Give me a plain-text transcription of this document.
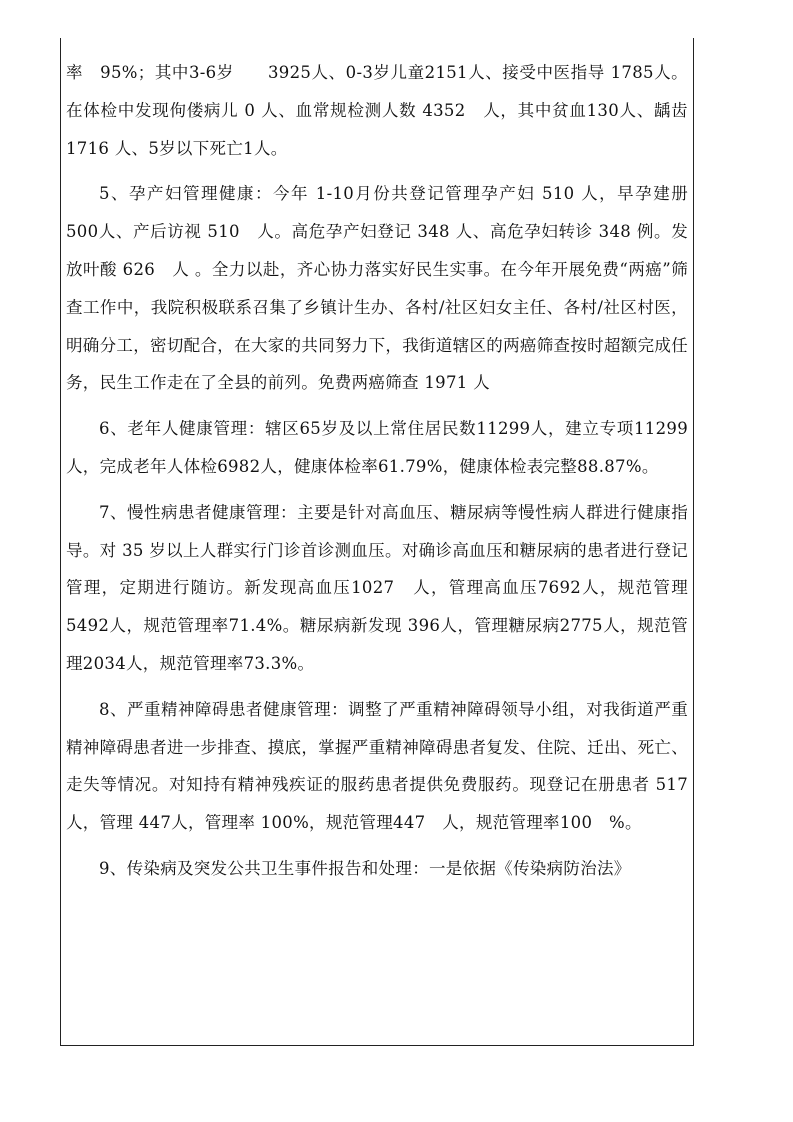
率　95%；其中3-6岁　　3925人、0-3岁儿童2151人、接受中医指导 1785人。在体检中发现佝偻病儿 0 人、血常规检测人数 4352　人，其中贫血130人、龋齿1716 人、5岁以下死亡1人。

5、孕产妇管理健康：今年 1-10月份共登记管理孕产妇 510 人，早孕建册 500人、产后访视 510　人。高危孕产妇登记 348 人、高危孕妇转诊 348 例。发放叶酸 626　人 。全力以赴，齐心协力落实好民生实事。在今年开展免费“两癌”筛查工作中，我院积极联系召集了乡镇计生办、各村/社区妇女主任、各村/社区村医，明确分工，密切配合，在大家的共同努力下，我街道辖区的两癌筛查按时超额完成任务，民生工作走在了全县的前列。免费两癌筛查 1971 人

6、老年人健康管理：辖区65岁及以上常住居民数11299人，建立专项11299人，完成老年人体检6982人，健康体检率61.79%，健康体检表完整88.87%。

7、慢性病患者健康管理：主要是针对高血压、糖尿病等慢性病人群进行健康指导。对 35 岁以上人群实行门诊首诊测血压。对确诊高血压和糖尿病的患者进行登记管理，定期进行随访。新发现高血压1027　人，管理高血压7692人，规范管理5492人，规范管理率71.4%。糖尿病新发现 396人，管理糖尿病2775人，规范管理2034人，规范管理率73.3%。

8、严重精神障碍患者健康管理：调整了严重精神障碍领导小组，对我街道严重精神障碍患者进一步排查、摸底，掌握严重精神障碍患者复发、住院、迁出、死亡、走失等情况。对知持有精神残疾证的服药患者提供免费服药。现登记在册患者 517 人，管理 447人，管理率 100%，规范管理447　人，规范管理率100　%。

9、传染病及突发公共卫生事件报告和处理：一是依据《传染病防治法》
